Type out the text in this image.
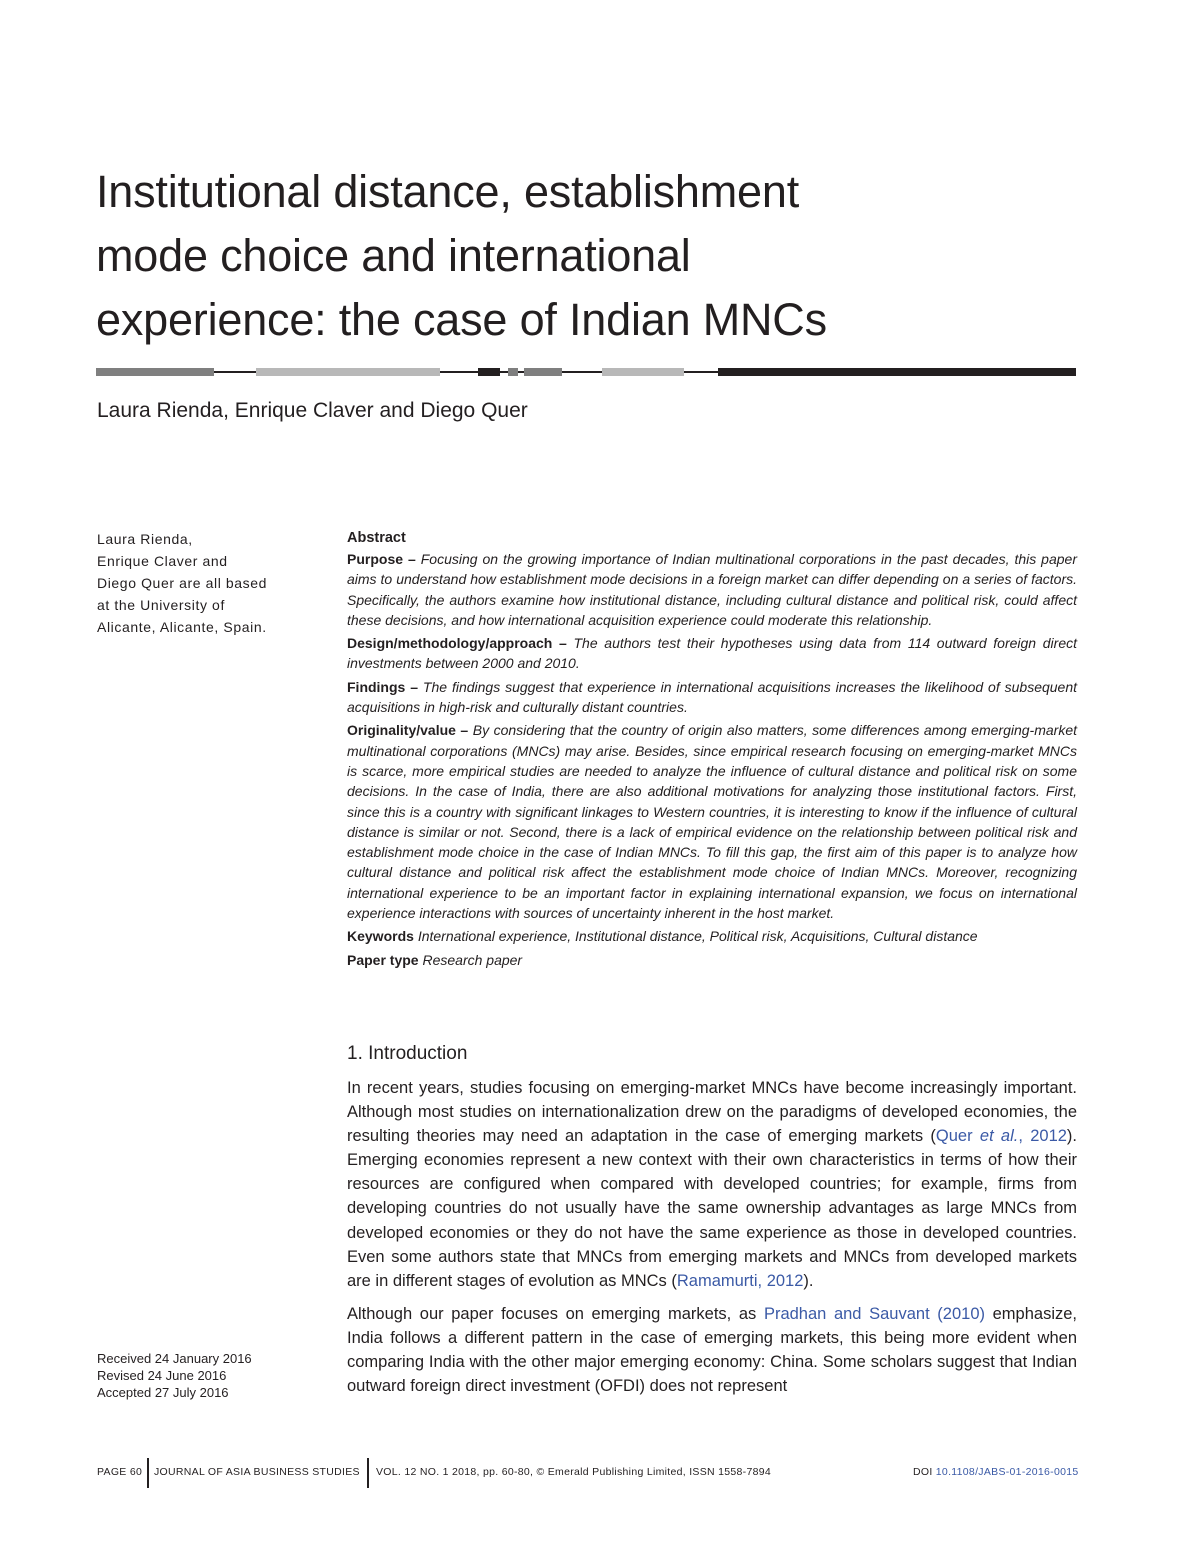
Institutional distance, establishment
mode choice and international
experience: the case of Indian MNCs
Laura Rienda, Enrique Claver and Diego Quer
Laura Rienda,
Enrique Claver and
Diego Quer are all based
at the University of
Alicante, Alicante, Spain.
Received 24 January 2016
Revised 24 June 2016
Accepted 27 July 2016
Abstract

Purpose – Focusing on the growing importance of Indian multinational corporations in the past decades, this paper aims to understand how establishment mode decisions in a foreign market can differ depending on a series of factors. Specifically, the authors examine how institutional distance, including cultural distance and political risk, could affect these decisions, and how international acquisition experience could moderate this relationship.

Design/methodology/approach – The authors test their hypotheses using data from 114 outward foreign direct investments between 2000 and 2010.

Findings – The findings suggest that experience in international acquisitions increases the likelihood of subsequent acquisitions in high-risk and culturally distant countries.

Originality/value – By considering that the country of origin also matters, some differences among emerging-market multinational corporations (MNCs) may arise. Besides, since empirical research focusing on emerging-market MNCs is scarce, more empirical studies are needed to analyze the influence of cultural distance and political risk on some decisions. In the case of India, there are also additional motivations for analyzing those institutional factors. First, since this is a country with significant linkages to Western countries, it is interesting to know if the influence of cultural distance is similar or not. Second, there is a lack of empirical evidence on the relationship between political risk and establishment mode choice in the case of Indian MNCs. To fill this gap, the first aim of this paper is to analyze how cultural distance and political risk affect the establishment mode choice of Indian MNCs. Moreover, recognizing international experience to be an important factor in explaining international expansion, we focus on international experience interactions with sources of uncertainty inherent in the host market.

Keywords International experience, Institutional distance, Political risk, Acquisitions, Cultural distance

Paper type Research paper

1. Introduction

In recent years, studies focusing on emerging-market MNCs have become increasingly important. Although most studies on internationalization drew on the paradigms of developed economies, the resulting theories may need an adaptation in the case of emerging markets (Quer et al., 2012). Emerging economies represent a new context with their own characteristics in terms of how their resources are configured when compared with developed countries; for example, firms from developing countries do not usually have the same ownership advantages as large MNCs from developed economies or they do not have the same experience as those in developed countries. Even some authors state that MNCs from emerging markets and MNCs from developed markets are in different stages of evolution as MNCs (Ramamurti, 2012).

Although our paper focuses on emerging markets, as Pradhan and Sauvant (2010) emphasize, India follows a different pattern in the case of emerging markets, this being more evident when comparing India with the other major emerging economy: China. Some scholars suggest that Indian outward foreign direct investment (OFDI) does not represent

PAGE 60 JOURNAL OF ASIA BUSINESS STUDIES VOL. 12 NO. 1 2018, pp. 60-80, © Emerald Publishing Limited, ISSN 1558-7894	DOI 10.1108/JABS-01-2016-0015
